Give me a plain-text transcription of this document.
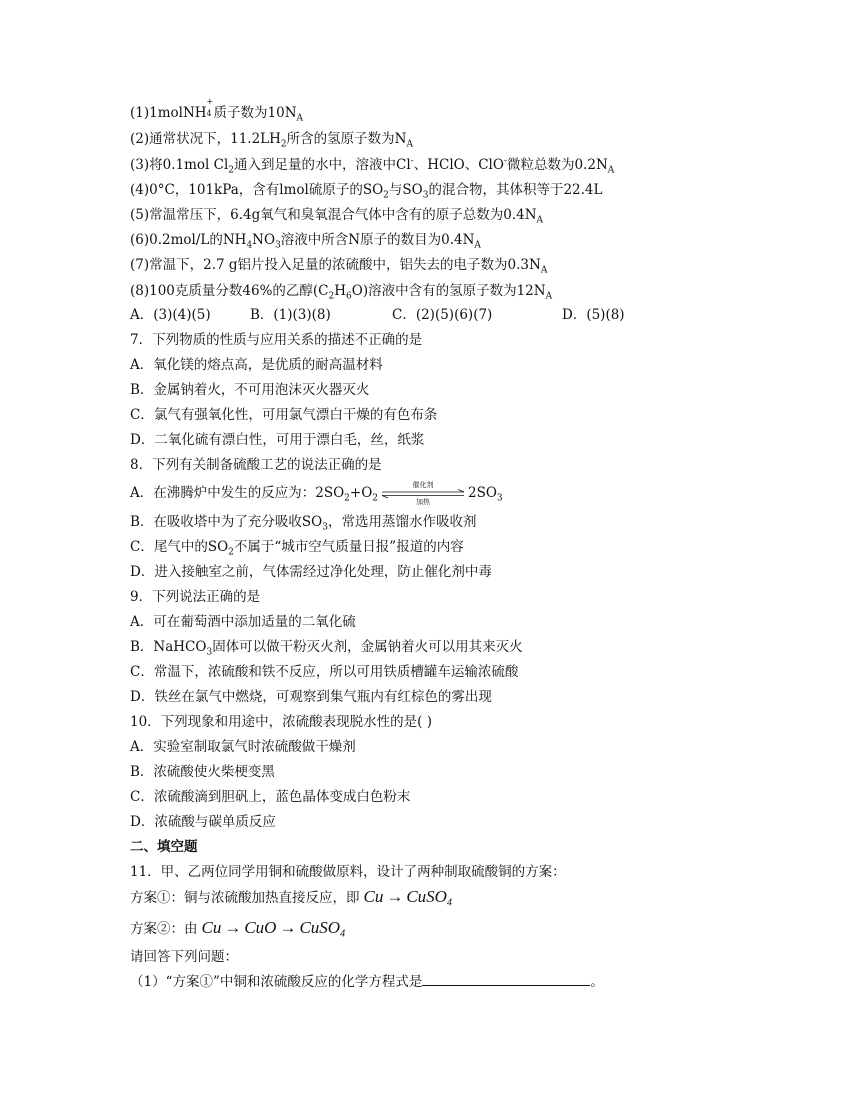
(1)1molNH
+
4 质子数为$10N_A$
(2)通常状况下，$11.2LH_2$所含的氢原子数为$N_A$
(3)将0.1mol $Cl_2$通入到足量的水中，溶液中Cl-、HClO、ClO-微粒总数为$0.2N_A$
(4)0°C，101kPa，含有lmol硫原子的$SO_2$与$SO_3$的混合物，其体积等于22.4L
(5)常温常压下，6.4g氧气和臭氧混合气体中含有的原子总数为$0.4N_A$
(6)0.2mol/L的$NH_4NO_3$溶液中所含N原子的数目为$0.4N_A$
(7)常温下，2.7 g铝片投入足量的浓硫酸中，铝失去的电子数为$0.3N_A$
(8)100克质量分数46%的乙醇$(C_2H_6O)$溶液中含有的氢原子数为$12N_A$
A．(3)(4)(5)	B．(1)(3)(8)	C．(2)(5)(6)(7)	D．(5)(8)
7．下列物质的性质与应用关系的描述不正确的是
A．氧化镁的熔点高，是优质的耐高温材料
B．金属钠着火，不可用泡沫灭火器灭火
C．氯气有强氧化性，可用氯气漂白干燥的有色布条
D．二氧化硫有漂白性，可用于漂白毛，丝，纸浆
8．下列有关制备硫酸工艺的说法正确的是
A．在沸腾炉中发生的反应为：$2SO_2+O_2$
催化剂
加热
$2SO_3$
B．在吸收塔中为了充分吸收$SO_3$，常选用蒸馏水作吸收剂
C．尾气中的$SO_2$不属于“城市空气质量日报”报道的内容
D．进入接触室之前，气体需经过净化处理，防止催化剂中毒
9．下列说法正确的是
A．可在葡萄酒中添加适量的二氧化硫
B．NaHCO$_3$固体可以做干粉灭火剂，金属钠着火可以用其来灭火
C．常温下，浓硫酸和铁不反应，所以可用铁质槽罐车运输浓硫酸
D．铁丝在氯气中燃烧，可观察到集气瓶内有红棕色的雾出现
10．下列现象和用途中，浓硫酸表现脱水性的是( )
A．实验室制取氯气时浓硫酸做干燥剂
B．浓硫酸使火柴梗变黑
C．浓硫酸滴到胆矾上，蓝色晶体变成白色粉末
D．浓硫酸与碳单质反应
二、填空题
11．甲、乙两位同学用铜和硫酸做原料，设计了两种制取硫酸铜的方案：
方案①：铜与浓硫酸加热直接反应，即 Cu → CuSO$_4$
方案②：由 Cu → CuO → CuSO$_4$
请回答下列问题：
（1）“方案①”中铜和浓硫酸反应的化学方程式是	。
